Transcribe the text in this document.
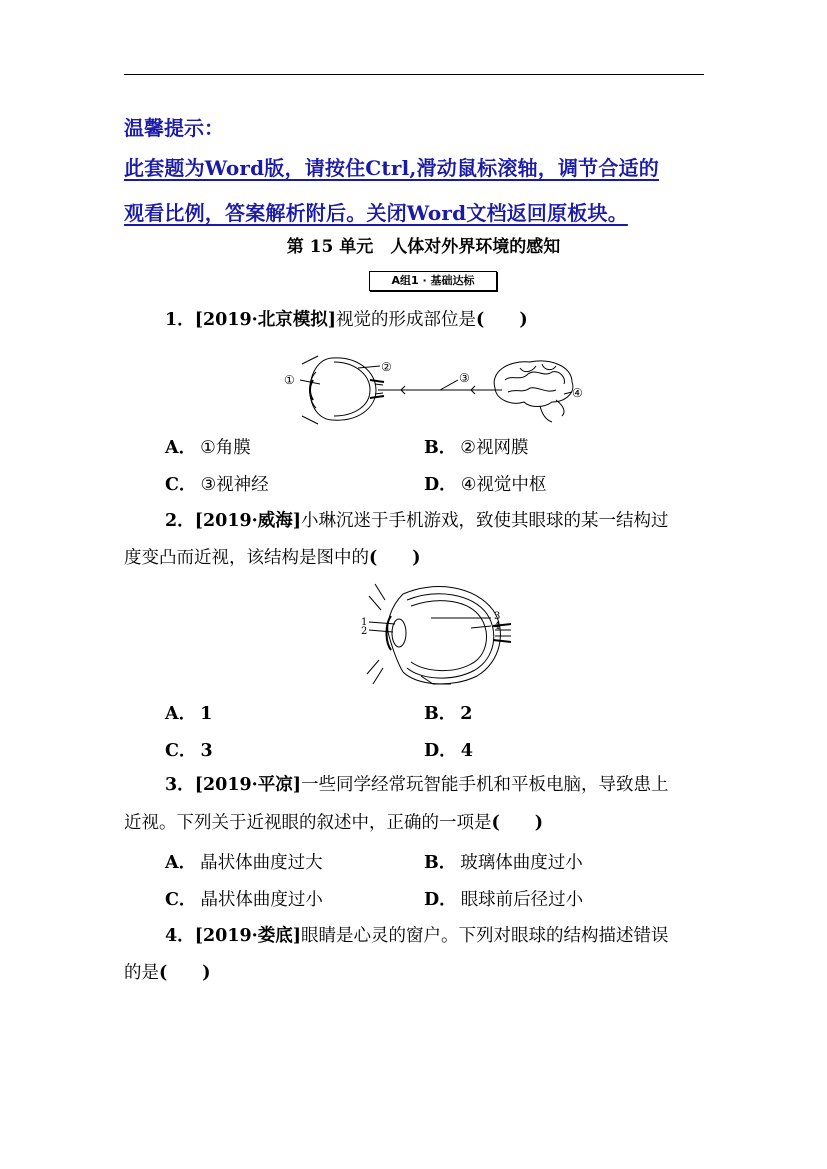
温馨提示：
此套题为Word版，请按住Ctrl,滑动鼠标滚轴，调节合适的
观看比例，答案解析附后。关闭Word文档返回原板块。
第 15 单元　人体对外界环境的感知
A组1 · 基础达标
1．[2019·北京模拟]视觉的形成部位是(　　)
①
②
③
④
A． ①角膜	B． ②视网膜
C． ③视神经	D． ④视觉中枢
2．[2019·威海]小琳沉迷于手机游戏，致使其眼球的某一结构过
度变凸而近视，该结构是图中的(　　)
1
2
3
4
A． 1	B． 2
C． 3	D． 4
3．[2019·平凉]一些同学经常玩智能手机和平板电脑，导致患上
近视。下列关于近视眼的叙述中，正确的一项是(　　)
A． 晶状体曲度过大	B． 玻璃体曲度过小
C． 晶状体曲度过小	D． 眼球前后径过小
4．[2019·娄底]眼睛是心灵的窗户。下列对眼球的结构描述错误
的是(　　)
